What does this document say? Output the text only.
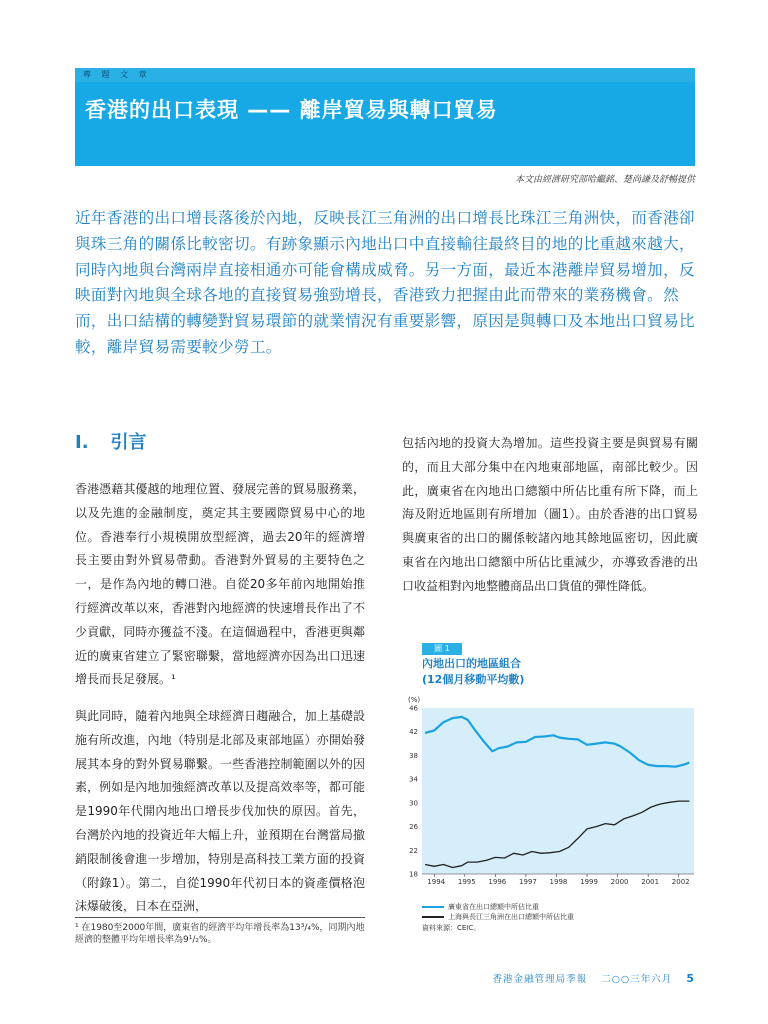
專 題 文 章
香港的出口表現 —— 離岸貿易與轉口貿易
本文由經濟研究部哈繼銘、楚尚謙及舒暢提供
近年香港的出口增長落後於內地，反映長江三角洲的出口增長比珠江三角洲快，而香港卻與珠三角的關係比較密切。有跡象顯示內地出口中直接輸往最終目的地的比重越來越大，同時內地與台灣兩岸直接相通亦可能會構成威脅。另一方面，最近本港離岸貿易增加，反映面對內地與全球各地的直接貿易強勁增長，香港致力把握由此而帶來的業務機會。然而，出口結構的轉變對貿易環節的就業情況有重要影響，原因是與轉口及本地出口貿易比較，離岸貿易需要較少勞工。
I. 引言
香港憑藉其優越的地理位置、發展完善的貿易服務業，以及先進的金融制度，奠定其主要國際貿易中心的地位。香港奉行小規模開放型經濟，過去20年的經濟增長主要由對外貿易帶動。香港對外貿易的主要特色之一，是作為內地的轉口港。自從20多年前內地開始推行經濟改革以來，香港對內地經濟的快速增長作出了不少貢獻，同時亦獲益不淺。在這個過程中，香港更與鄰近的廣東省建立了緊密聯繫，當地經濟亦因為出口迅速增長而長足發展。¹
與此同時，隨着內地與全球經濟日趨融合，加上基礎設施有所改進，內地（特別是北部及東部地區）亦開始發展其本身的對外貿易聯繫。一些香港控制範圍以外的因素，例如是內地加強經濟改革以及提高效率等，都可能是1990年代開內地出口增長步伐加快的原因。首先，台灣於內地的投資近年大幅上升，並預期在台灣當局撤銷限制後會進一步增加，特別是高科技工業方面的投資（附錄1）。第二，自從1990年代初日本的資產價格泡沫爆破後，日本在亞洲，
包括內地的投資大為增加。這些投資主要是與貿易有關的，而且大部分集中在內地東部地區，南部比較少。因此，廣東省在內地出口總額中所佔比重有所下降，而上海及附近地區則有所增加（圖1）。由於香港的出口貿易與廣東省的出口的關係較諸內地其餘地區密切，因此廣東省在內地出口總額中所佔比重減少，亦導致香港的出口收益相對內地整體商品出口貨值的彈性降低。
¹ 在1980至2000年間，廣東省的經濟平均年增長率為13³/₄%，同期內地經濟的整體平均年增長率為9¹/₂%。
圖 1
內地出口的地區組合
(12個月移動平均數)
(%)
18
22
26
30
34
38
42
46
1994 1995 1996 1997 1998 1999 2000 2001 2002
廣東省在出口總額中所佔比重
上海與長江三角洲在出口總額中所佔比重
資料來源：CEIC。
香港金融管理局季報 二○○三年六月 5
